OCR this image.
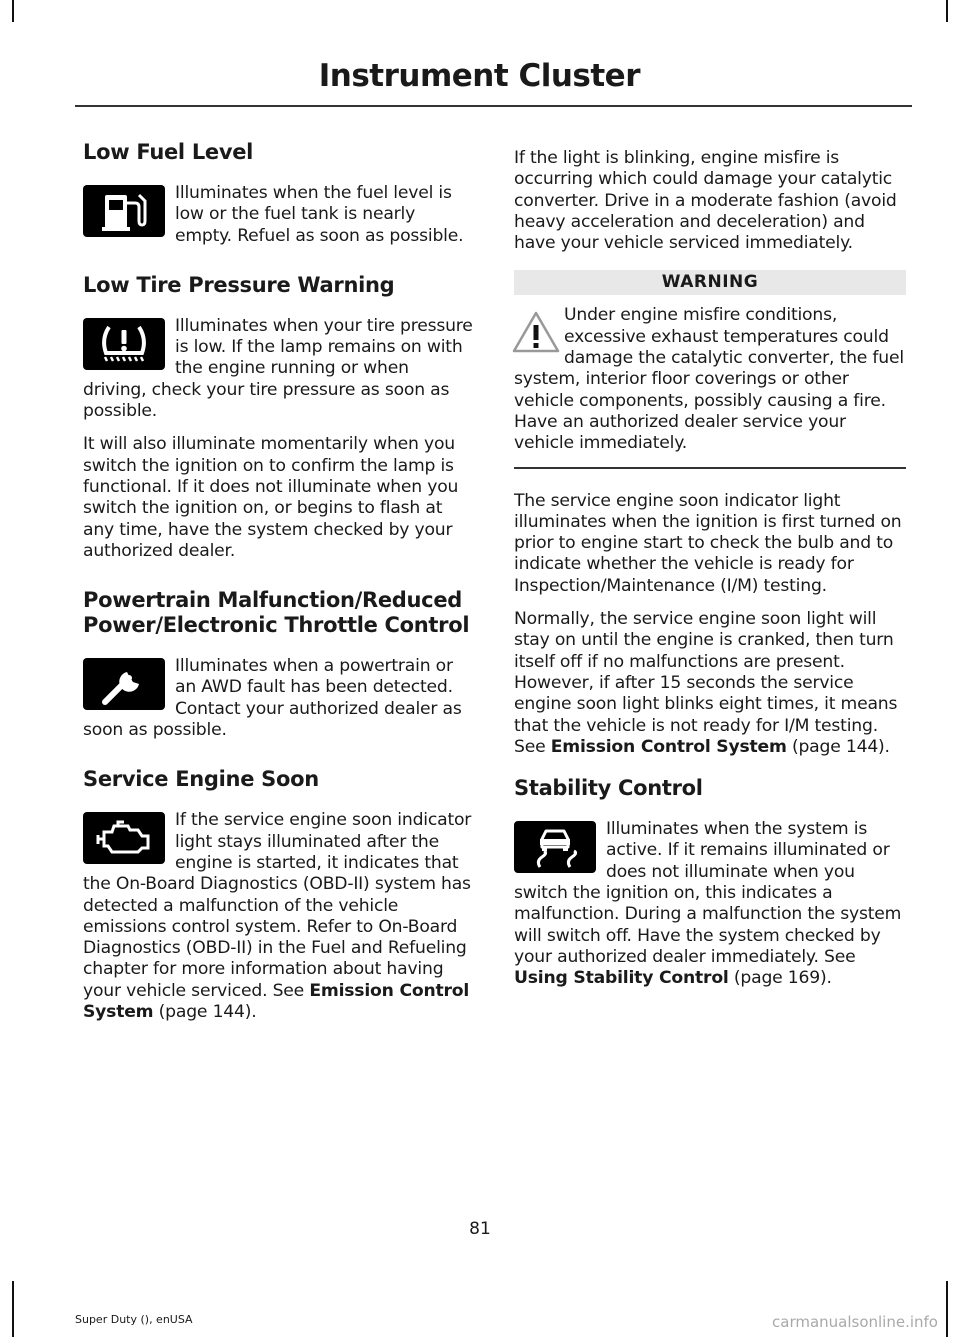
Instrument Cluster
Low Fuel Level

Illuminates when the fuel level is low or the fuel tank is nearly empty. Refuel as soon as possible.

Low Tire Pressure Warning

Illuminates when your tire pressure is low. If the lamp remains on with the engine running or when driving, check your tire pressure as soon as possible.

It will also illuminate momentarily when you switch the ignition on to confirm the lamp is functional. If it does not illuminate when you switch the ignition on, or begins to flash at any time, have the system checked by your authorized dealer.

Powertrain Malfunction/Reduced Power/Electronic Throttle Control

Illuminates when a powertrain or an AWD fault has been detected. Contact your authorized dealer as soon as possible.

Service Engine Soon

If the service engine soon indicator light stays illuminated after the engine is started, it indicates that the On-Board Diagnostics (OBD-II) system has detected a malfunction of the vehicle emissions control system. Refer to On-Board Diagnostics (OBD-II) in the Fuel and Refueling chapter for more information about having your vehicle serviced. See Emission Control System (page 144).

If the light is blinking, engine misfire is occurring which could damage your catalytic converter. Drive in a moderate fashion (avoid heavy acceleration and deceleration) and have your vehicle serviced immediately.

WARNING

Under engine misfire conditions, excessive exhaust temperatures could damage the catalytic converter, the fuel system, interior floor coverings or other vehicle components, possibly causing a fire. Have an authorized dealer service your vehicle immediately.

The service engine soon indicator light illuminates when the ignition is first turned on prior to engine start to check the bulb and to indicate whether the vehicle is ready for Inspection/Maintenance (I/M) testing.

Normally, the service engine soon light will stay on until the engine is cranked, then turn itself off if no malfunctions are present. However, if after 15 seconds the service engine soon light blinks eight times, it means that the vehicle is not ready for I/M testing. See Emission Control System (page 144).

Stability Control

Illuminates when the system is active. If it remains illuminated or does not illuminate when you switch the ignition on, this indicates a malfunction. During a malfunction the system will switch off. Have the system checked by your authorized dealer immediately. See Using Stability Control (page 169).

81
Super Duty (), enUSA	carmanualsonline.info
